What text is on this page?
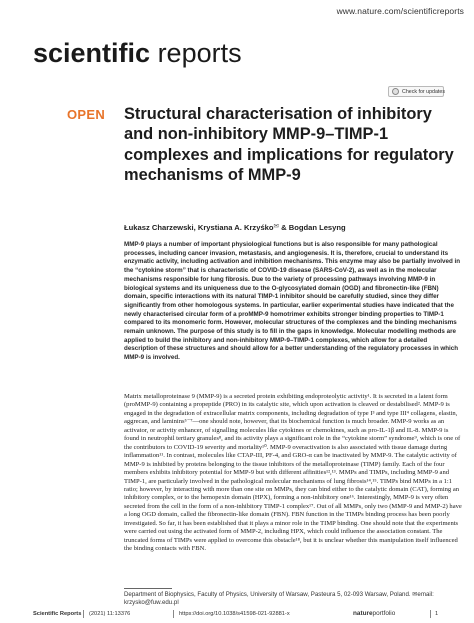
www.nature.com/scientificreports
scientific reports
Check for updates
OPEN Structural characterisation of inhibitory and non-inhibitory MMP-9–TIMP-1 complexes and implications for regulatory mechanisms of MMP-9
Łukasz Charzewski, Krystiana A. Krzyśko✉ & Bogdan Lesyng

MMP-9 plays a number of important physiological functions but is also responsible for many pathological processes, including cancer invasion, metastasis, and angiogenesis. It is, therefore, crucial to understand its enzymatic activity, including activation and inhibition mechanisms. This enzyme may also be partially involved in the “cytokine storm” that is characteristic of COVID-19 disease (SARS-CoV-2), as well as in the molecular mechanisms responsible for lung fibrosis. Due to the variety of processing pathways involving MMP-9 in biological systems and its uniqueness due to the O-glycosylated domain (OGD) and fibronectin-like (FBN) domain, specific interactions with its natural TIMP-1 inhibitor should be carefully studied, since they differ significantly from other homologous systems. In particular, earlier experimental studies have indicated that the newly characterised circular form of a proMMP-9 homotrimer exhibits stronger binding properties to TIMP-1 compared to its monomeric form. However, molecular structures of the complexes and the binding mechanisms remain unknown. The purpose of this study is to fill in the gaps in knowledge. Molecular modelling methods are applied to build the inhibitory and non-inhibitory MMP-9–TIMP-1 complexes, which allow for a detailed description of these structures and should allow for a better understanding of the regulatory processes in which MMP-9 is involved.

Matrix metalloproteinase 9 (MMP-9) is a secreted protein exhibiting endoproteolytic activity¹. It is secreted in a latent form (proMMP-9) containing a propeptide (PRO) in its catalytic site, which upon activation is cleaved or destabilised². MMP-9 is engaged in the degradation of extracellular matrix components, including degradation of type I³ and type III⁴ collagens, elastin, aggrecan, and laminins⁵⁻⁷—one should note, however, that its biochemical function is much broader. MMP-9 works as an activator, or activity enhancer, of signalling molecules like cytokines or chemokines, such as pro-IL-1β and IL-8. MMP-9 is found in neutrophil tertiary granules⁸, and its activity plays a significant role in the “cytokine storm” syndrome⁹, which is one of the contributors to COVID-19 severity and mortality¹⁰. MMP-9 overactivation is also associated with tissue damage during inflammation¹¹. In contrast, molecules like CTAP-III, PF-4, and GRO-α can be inactivated by MMP-9. The catalytic activity of MMP-9 is inhibited by proteins belonging to the tissue inhibitors of the metalloproteinase (TIMP) family. Each of the four members exhibits inhibitory potential for MMP-9 but with different affinities¹²,¹³. MMPs and TIMPs, including MMP-9 and TIMP-1, are particularly involved in the pathological molecular mechanisms of lung fibrosis¹⁴,¹⁵. TIMPs bind MMPs in a 1:1 ratio; however, by interacting with more than one site on MMPs, they can bind either to the catalytic domain (CAT), forming an inhibitory complex, or to the hemopexin domain (HPX), forming a non-inhibitory one¹⁶. Interestingly, MMP-9 is very often secreted from the cell in the form of a non-inhibitory TIMP-1 complex¹⁷. Out of all MMPs, only two (MMP-9 and MMP-2) have a long OGD domain, called the fibronectin-like domain (FBN). FBN function in the TIMPs binding process has been poorly investigated. So far, it has been established that it plays a minor role in the TIMP binding. One should note that the experiments were carried out using the activated form of MMP-2, including HPX, which could influence the association constant. The truncated forms of TIMPs were applied to overcome this obstacle¹⁸, but it is unclear whether this manipulation itself influenced the binding contacts with FBN.

Department of Biophysics, Faculty of Physics, University of Warsaw, Pasteura 5, 02-093 Warsaw, Poland. ✉email: krzysko@fuw.edu.pl

Scientific Reports (2021) 11:13376	https://doi.org/10.1038/s41598-021-92881-x	natureportfolio	1
